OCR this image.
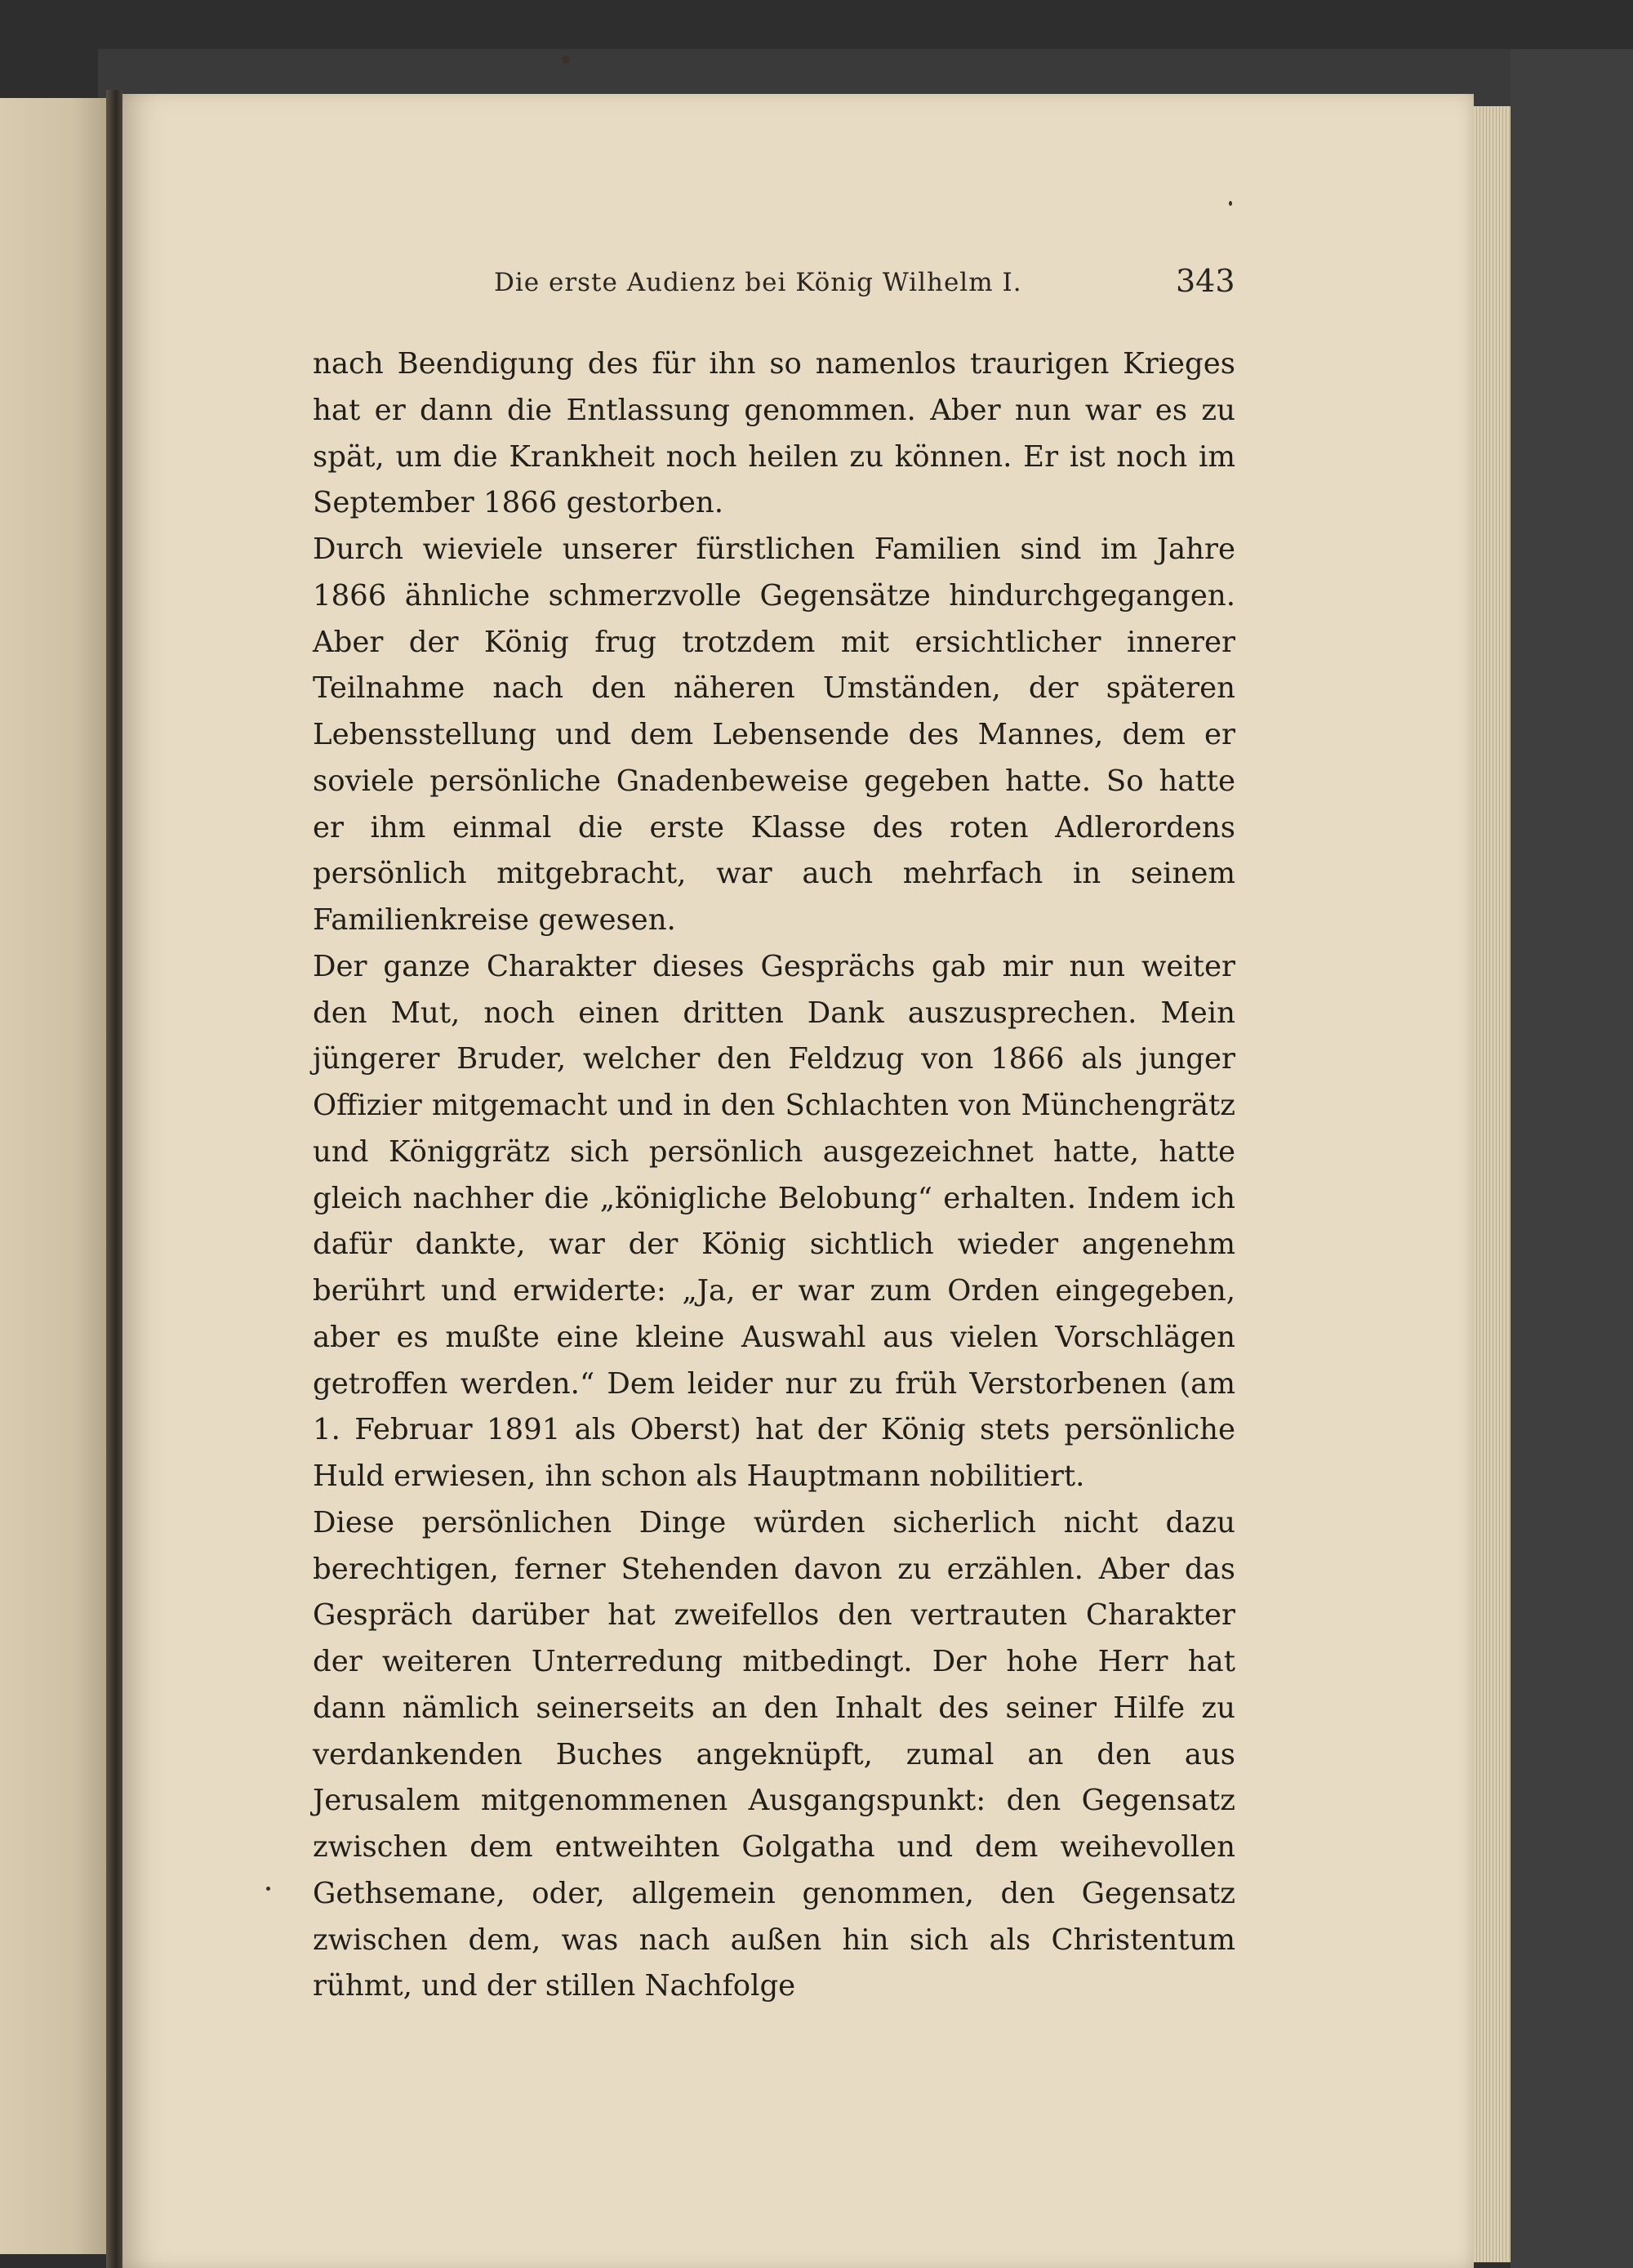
Die erste Audienz bei König Wilhelm I.	343

nach Beendigung des für ihn so namenlos traurigen Krieges hat er dann die Entlassung genommen. Aber nun war es zu spät, um die Krankheit noch heilen zu können. Er ist noch im September 1866 gestorben.

Durch wieviele unserer fürstlichen Familien sind im Jahre 1866 ähnliche schmerzvolle Gegensätze hindurchgegangen. Aber der König frug trotzdem mit ersichtlicher innerer Teilnahme nach den näheren Umständen, der späteren Lebensstellung und dem Lebensende des Mannes, dem er soviele persönliche Gnadenbeweise gegeben hatte. So hatte er ihm einmal die erste Klasse des roten Adlerordens persönlich mitgebracht, war auch mehrfach in seinem Familienkreise gewesen.

Der ganze Charakter dieses Gesprächs gab mir nun weiter den Mut, noch einen dritten Dank auszusprechen. Mein jüngerer Bruder, welcher den Feldzug von 1866 als junger Offizier mitgemacht und in den Schlachten von Münchengrätz und Königgrätz sich persönlich ausgezeichnet hatte, hatte gleich nachher die „königliche Belobung“ erhalten. Indem ich dafür dankte, war der König sichtlich wieder angenehm berührt und erwiderte: „Ja, er war zum Orden eingegeben, aber es mußte eine kleine Auswahl aus vielen Vorschlägen getroffen werden.“ Dem leider nur zu früh Verstorbenen (am 1. Februar 1891 als Oberst) hat der König stets persönliche Huld erwiesen, ihn schon als Hauptmann nobilitiert.

Diese persönlichen Dinge würden sicherlich nicht dazu berechtigen, ferner Stehenden davon zu erzählen. Aber das Gespräch darüber hat zweifellos den vertrauten Charakter der weiteren Unterredung mitbedingt. Der hohe Herr hat dann nämlich seinerseits an den Inhalt des seiner Hilfe zu verdankenden Buches angeknüpft, zumal an den aus Jerusalem mitgenommenen Ausgangspunkt: den Gegensatz zwischen dem entweihten Golgatha und dem weihevollen Gethsemane, oder, allgemein genommen, den Gegensatz zwischen dem, was nach außen hin sich als Christentum rühmt, und der stillen Nachfolge
